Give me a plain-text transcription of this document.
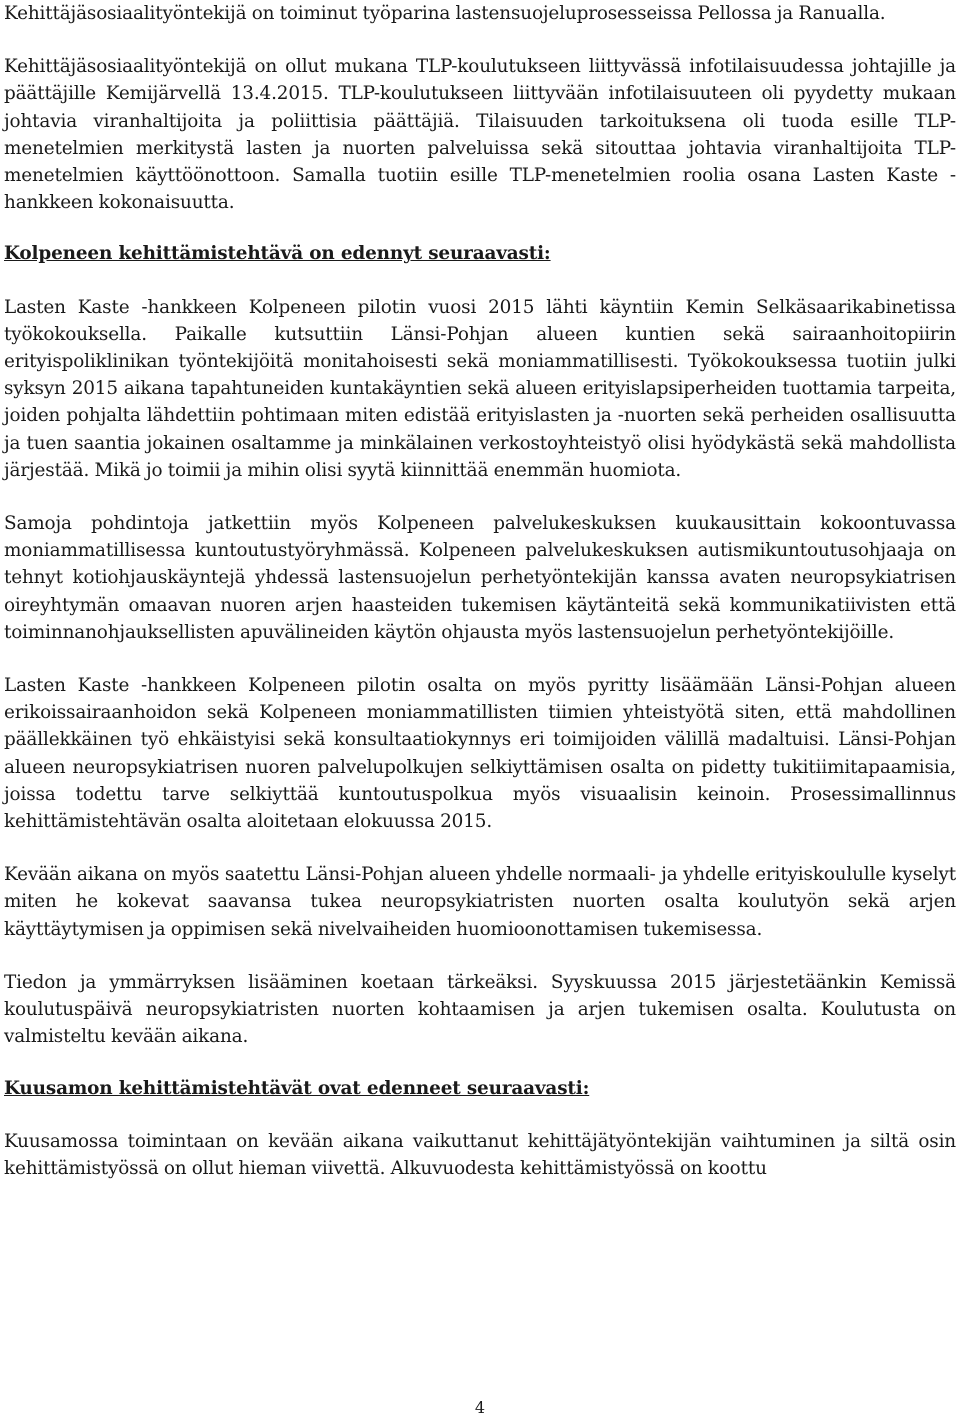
Kehittäjäsosiaalityöntekijä on toiminut työparina lastensuojeluprosesseissa Pellossa ja Ranualla.

Kehittäjäsosiaalityöntekijä on ollut mukana TLP-koulutukseen liittyvässä infotilaisuudessa johtajille ja päättäjille Kemijärvellä 13.4.2015. TLP-koulutukseen liittyvään infotilaisuuteen oli pyydetty mukaan johtavia viranhaltijoita ja poliittisia päättäjiä. Tilaisuuden tarkoituksena oli tuoda esille TLP-menetelmien merkitystä lasten ja nuorten palveluissa sekä sitouttaa johtavia viranhaltijoita TLP-menetelmien käyttöönottoon. Samalla tuotiin esille TLP-menetelmien roolia osana Lasten Kaste -hankkeen kokonaisuutta.

Kolpeneen kehittämistehtävä on edennyt seuraavasti:

Lasten Kaste -hankkeen Kolpeneen pilotin vuosi 2015 lähti käyntiin Kemin Selkäsaarikabinetissa työkokouksella. Paikalle kutsuttiin Länsi-Pohjan alueen kuntien sekä sairaanhoitopiirin erityispoliklinikan työntekijöitä monitahoisesti sekä moniammatillisesti. Työkokouksessa tuotiin julki syksyn 2015 aikana tapahtuneiden kuntakäyntien sekä alueen erityislapsiperheiden tuottamia tarpeita, joiden pohjalta lähdettiin pohtimaan miten edistää erityislasten ja -nuorten sekä perheiden osallisuutta ja tuen saantia jokainen osaltamme ja minkälainen verkostoyhteistyö olisi hyödykästä sekä mahdollista järjestää. Mikä jo toimii ja mihin olisi syytä kiinnittää enemmän huomiota.

Samoja pohdintoja jatkettiin myös Kolpeneen palvelukeskuksen kuukausittain kokoontuvassa moniammatillisessa kuntoutustyöryhmässä. Kolpeneen palvelukeskuksen autismikuntoutusohjaaja on tehnyt kotiohjauskäyntejä yhdessä lastensuojelun perhetyöntekijän kanssa avaten neuropsykiatrisen oireyhtymän omaavan nuoren arjen haasteiden tukemisen käytänteitä sekä kommunikatiivisten että toiminnanohjauksellisten apuvälineiden käytön ohjausta myös lastensuojelun perhetyöntekijöille.

Lasten Kaste -hankkeen Kolpeneen pilotin osalta on myös pyritty lisäämään Länsi-Pohjan alueen erikoissairaanhoidon sekä Kolpeneen moniammatillisten tiimien yhteistyötä siten, että mahdollinen päällekkäinen työ ehkäistyisi sekä konsultaatiokynnys eri toimijoiden välillä madaltuisi. Länsi-Pohjan alueen neuropsykiatrisen nuoren palvelupolkujen selkiyttämisen osalta on pidetty tukitiimitapaamisia, joissa todettu tarve selkiyttää kuntoutuspolkua myös visuaalisin keinoin. Prosessimallinnus kehittämistehtävän osalta aloitetaan elokuussa 2015.

Kevään aikana on myös saatettu Länsi-Pohjan alueen yhdelle normaali- ja yhdelle erityiskoululle kyselyt miten he kokevat saavansa tukea neuropsykiatristen nuorten osalta koulutyön sekä arjen käyttäytymisen ja oppimisen sekä nivelvaiheiden huomioonottamisen tukemisessa.

Tiedon ja ymmärryksen lisääminen koetaan tärkeäksi. Syyskuussa 2015 järjestetäänkin Kemissä koulutuspäivä neuropsykiatristen nuorten kohtaamisen ja arjen tukemisen osalta. Koulutusta on valmisteltu kevään aikana.

Kuusamon kehittämistehtävät ovat edenneet seuraavasti:

Kuusamossa toimintaan on kevään aikana vaikuttanut kehittäjätyöntekijän vaihtuminen ja siltä osin kehittämistyössä on ollut hieman viivettä. Alkuvuodesta kehittämistyössä on koottu

4
